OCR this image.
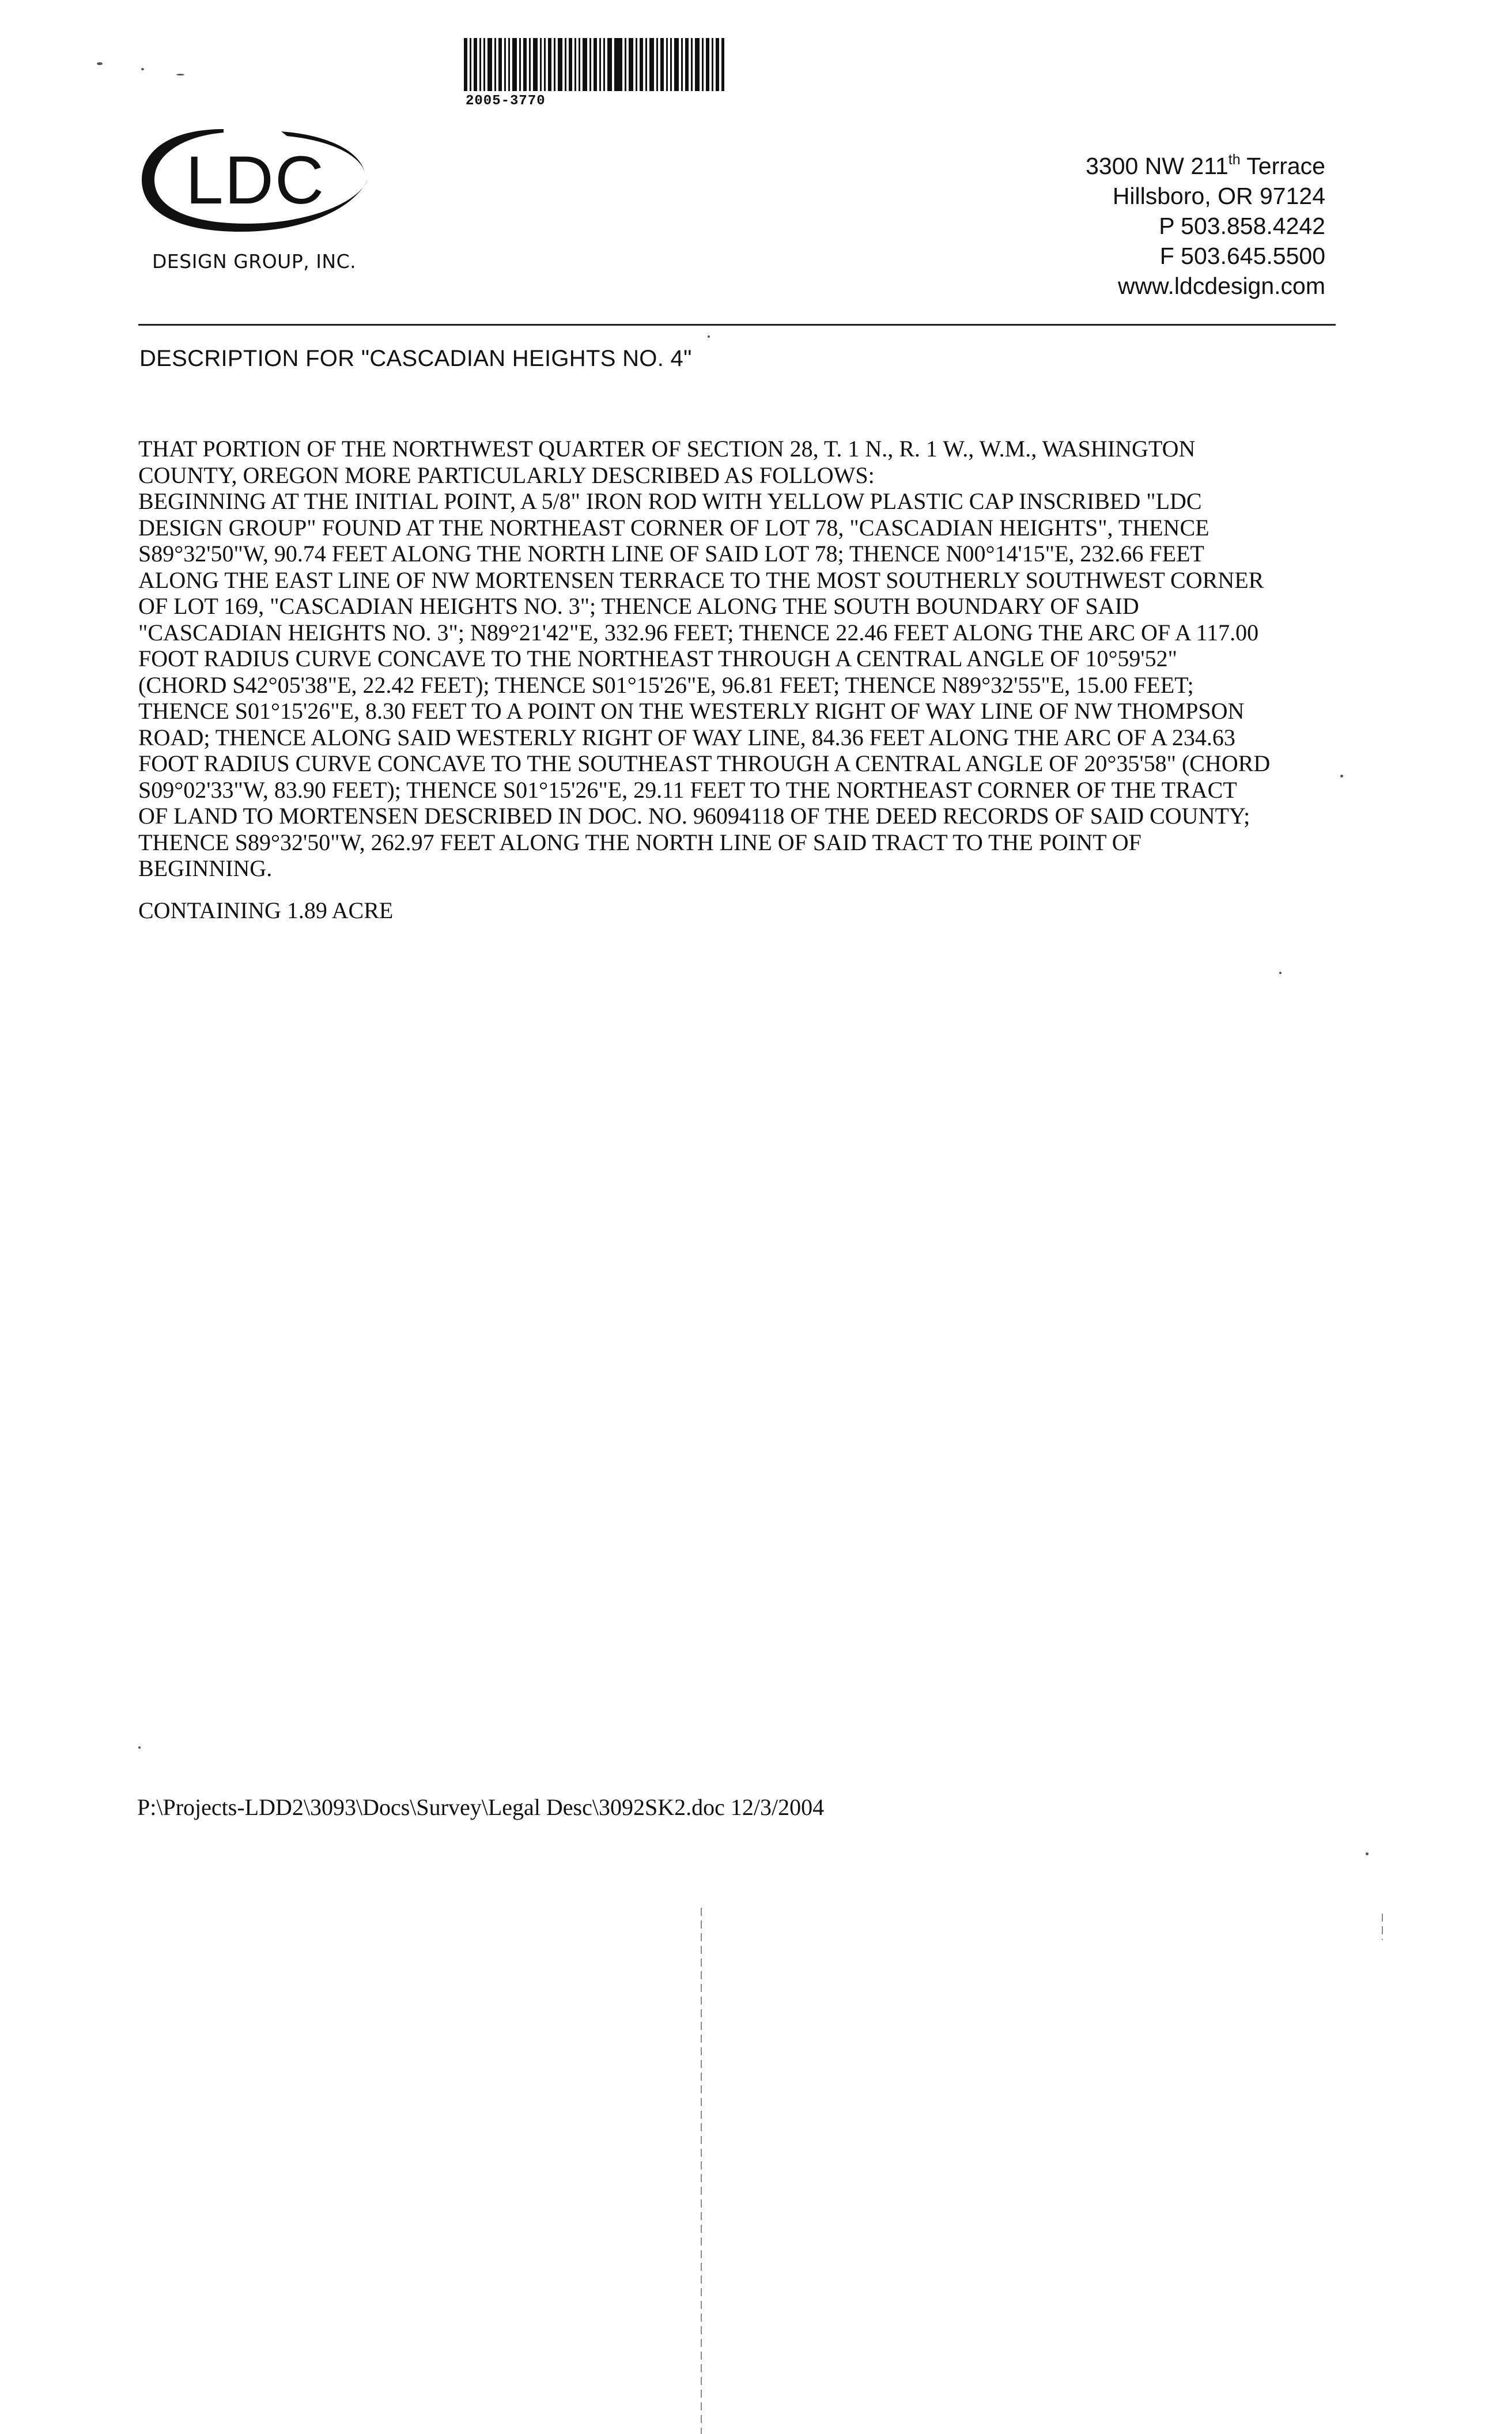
2005-3770
LDC
DESIGN GROUP, INC.
3300 NW 211th Terrace
Hillsboro, OR 97124
P 503.858.4242
F 503.645.5500
www.ldcdesign.com
DESCRIPTION FOR "CASCADIAN HEIGHTS NO. 4"
THAT PORTION OF THE NORTHWEST QUARTER OF SECTION 28, T. 1 N., R. 1 W., W.M., WASHINGTON
COUNTY, OREGON MORE PARTICULARLY DESCRIBED AS FOLLOWS:
BEGINNING AT THE INITIAL POINT, A 5/8" IRON ROD WITH YELLOW PLASTIC CAP INSCRIBED "LDC
DESIGN GROUP" FOUND AT THE NORTHEAST CORNER OF LOT 78, "CASCADIAN HEIGHTS", THENCE
S89°32'50"W, 90.74 FEET ALONG THE NORTH LINE OF SAID LOT 78; THENCE N00°14'15"E, 232.66 FEET
ALONG THE EAST LINE OF NW MORTENSEN TERRACE TO THE MOST SOUTHERLY SOUTHWEST CORNER
OF LOT 169, "CASCADIAN HEIGHTS NO. 3"; THENCE ALONG THE SOUTH BOUNDARY OF SAID
"CASCADIAN HEIGHTS NO. 3"; N89°21'42"E, 332.96 FEET; THENCE 22.46 FEET ALONG THE ARC OF A 117.00
FOOT RADIUS CURVE CONCAVE TO THE NORTHEAST THROUGH A CENTRAL ANGLE OF 10°59'52"
(CHORD S42°05'38"E, 22.42 FEET); THENCE S01°15'26"E, 96.81 FEET; THENCE N89°32'55"E, 15.00 FEET;
THENCE S01°15'26"E, 8.30 FEET TO A POINT ON THE WESTERLY RIGHT OF WAY LINE OF NW THOMPSON
ROAD; THENCE ALONG SAID WESTERLY RIGHT OF WAY LINE, 84.36 FEET ALONG THE ARC OF A 234.63
FOOT RADIUS CURVE CONCAVE TO THE SOUTHEAST THROUGH A CENTRAL ANGLE OF 20°35'58" (CHORD
S09°02'33"W, 83.90 FEET); THENCE S01°15'26"E, 29.11 FEET TO THE NORTHEAST CORNER OF THE TRACT
OF LAND TO MORTENSEN DESCRIBED IN DOC. NO. 96094118 OF THE DEED RECORDS OF SAID COUNTY;
THENCE S89°32'50"W, 262.97 FEET ALONG THE NORTH LINE OF SAID TRACT TO THE POINT OF
BEGINNING.
CONTAINING 1.89 ACRE
P:\Projects-LDD2\3093\Docs\Survey\Legal Desc\3092SK2.doc 12/3/2004
